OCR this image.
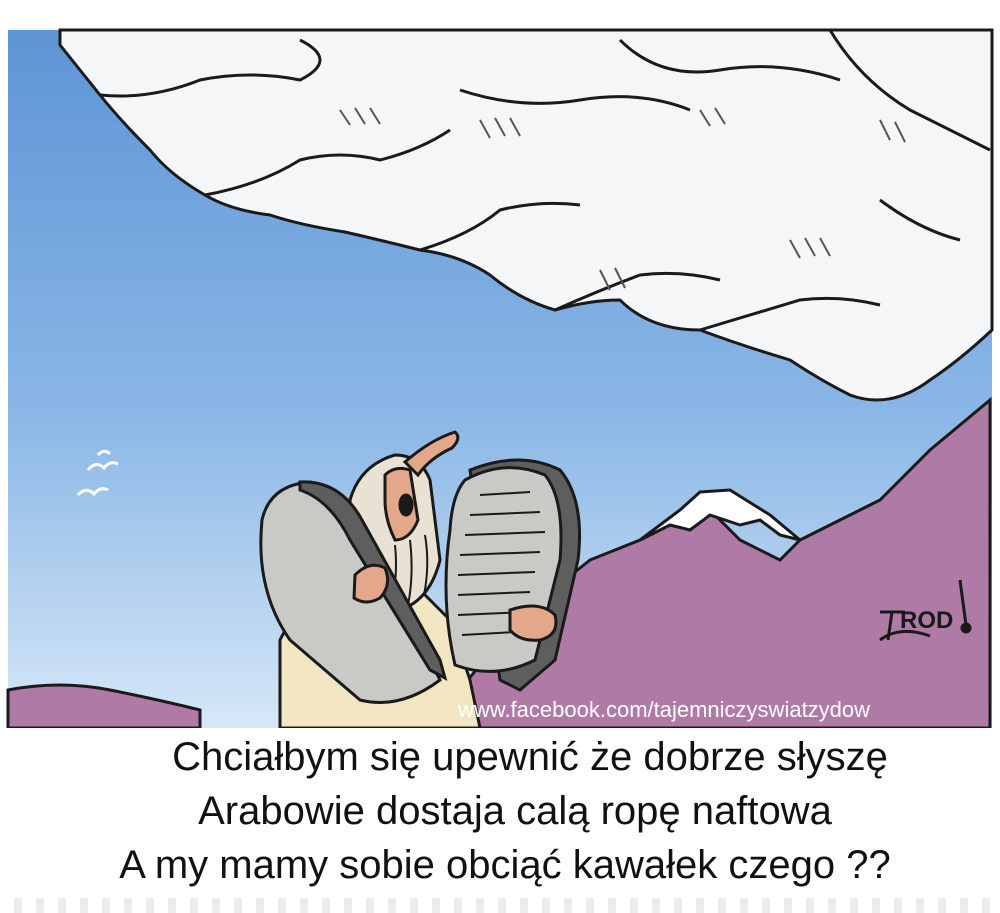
ROD
www.facebook.com/tajemniczyswiatzydow
Chciałbym się upewnić że dobrze słyszę
Arabowie dostaja calą ropę naftowa
A my mamy sobie obciąć kawałek czego ??
